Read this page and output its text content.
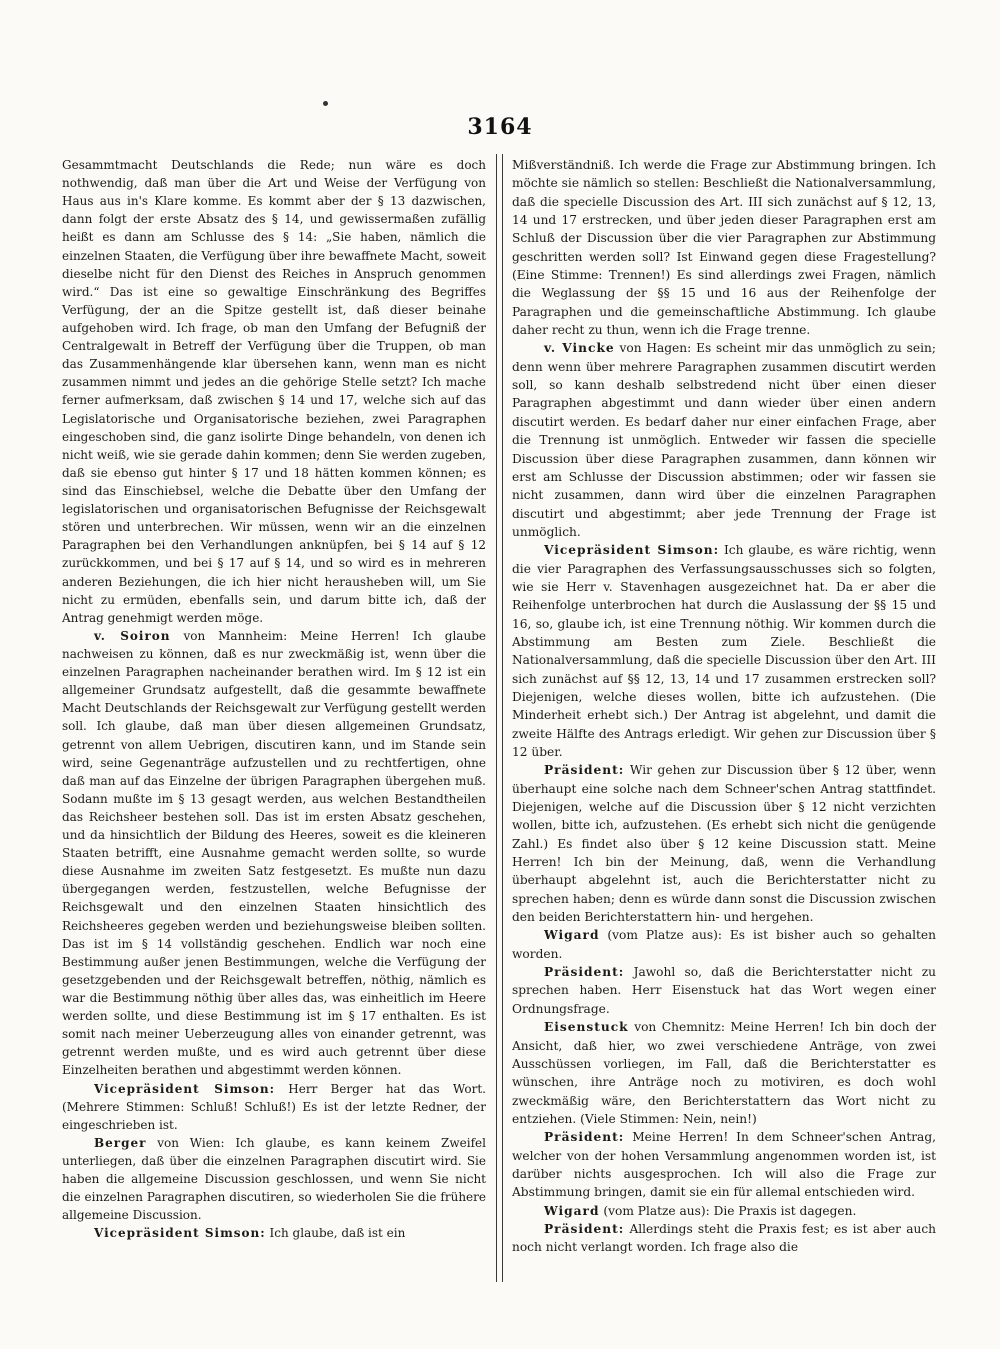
3164

Gesammtmacht Deutschlands die Rede; nun wäre es doch nothwendig, daß man über die Art und Weise der Verfügung von Haus aus in's Klare komme. Es kommt aber der § 13 dazwischen, dann folgt der erste Absatz des § 14, und gewissermaßen zufällig heißt es dann am Schlusse des § 14: „Sie haben, nämlich die einzelnen Staaten, die Verfügung über ihre bewaffnete Macht, soweit dieselbe nicht für den Dienst des Reiches in Anspruch genommen wird.“ Das ist eine so gewaltige Einschränkung des Begriffes Verfügung, der an die Spitze gestellt ist, daß dieser beinahe aufgehoben wird. Ich frage, ob man den Umfang der Befugniß der Centralgewalt in Betreff der Verfügung über die Truppen, ob man das Zusammenhängende klar übersehen kann, wenn man es nicht zusammen nimmt und jedes an die gehörige Stelle setzt? Ich mache ferner aufmerksam, daß zwischen § 14 und 17, welche sich auf das Legislatorische und Organisatorische beziehen, zwei Paragraphen eingeschoben sind, die ganz isolirte Dinge behandeln, von denen ich nicht weiß, wie sie gerade dahin kommen; denn Sie werden zugeben, daß sie ebenso gut hinter § 17 und 18 hätten kommen können; es sind das Einschiebsel, welche die Debatte über den Umfang der legislatorischen und organisatorischen Befugnisse der Reichsgewalt stören und unterbrechen. Wir müssen, wenn wir an die einzelnen Paragraphen bei den Verhandlungen anknüpfen, bei § 14 auf § 12 zurückkommen, und bei § 17 auf § 14, und so wird es in mehreren anderen Beziehungen, die ich hier nicht herausheben will, um Sie nicht zu ermüden, ebenfalls sein, und darum bitte ich, daß der Antrag genehmigt werden möge.

v. Soiron von Mannheim: Meine Herren! Ich glaube nachweisen zu können, daß es nur zweckmäßig ist, wenn über die einzelnen Paragraphen nacheinander berathen wird. Im § 12 ist ein allgemeiner Grundsatz aufgestellt, daß die gesammte bewaffnete Macht Deutschlands der Reichsgewalt zur Verfügung gestellt werden soll. Ich glaube, daß man über diesen allgemeinen Grundsatz, getrennt von allem Uebrigen, discutiren kann, und im Stande sein wird, seine Gegenanträge aufzustellen und zu rechtfertigen, ohne daß man auf das Einzelne der übrigen Paragraphen übergehen muß. Sodann mußte im § 13 gesagt werden, aus welchen Bestandtheilen das Reichsheer bestehen soll. Das ist im ersten Absatz geschehen, und da hinsichtlich der Bildung des Heeres, soweit es die kleineren Staaten betrifft, eine Ausnahme gemacht werden sollte, so wurde diese Ausnahme im zweiten Satz festgesetzt. Es mußte nun dazu übergegangen werden, festzustellen, welche Befugnisse der Reichsgewalt und den einzelnen Staaten hinsichtlich des Reichsheeres gegeben werden und beziehungsweise bleiben sollten. Das ist im § 14 vollständig geschehen. Endlich war noch eine Bestimmung außer jenen Bestimmungen, welche die Verfügung der gesetzgebenden und der Reichsgewalt betreffen, nöthig, nämlich es war die Bestimmung nöthig über alles das, was einheitlich im Heere werden sollte, und diese Bestimmung ist im § 17 enthalten. Es ist somit nach meiner Ueberzeugung alles von einander getrennt, was getrennt werden mußte, und es wird auch getrennt über diese Einzelheiten berathen und abgestimmt werden können.

Vicepräsident Simson: Herr Berger hat das Wort. (Mehrere Stimmen: Schluß! Schluß!) Es ist der letzte Redner, der eingeschrieben ist.

Berger von Wien: Ich glaube, es kann keinem Zweifel unterliegen, daß über die einzelnen Paragraphen discutirt wird. Sie haben die allgemeine Discussion geschlossen, und wenn Sie nicht die einzelnen Paragraphen discutiren, so wiederholen Sie die frühere allgemeine Discussion.

Vicepräsident Simson: Ich glaube, daß ist ein

Mißverständniß. Ich werde die Frage zur Abstimmung bringen. Ich möchte sie nämlich so stellen: Beschließt die Nationalversammlung, daß die specielle Discussion des Art. III sich zunächst auf § 12, 13, 14 und 17 erstrecken, und über jeden dieser Paragraphen erst am Schluß der Discussion über die vier Paragraphen zur Abstimmung geschritten werden soll? Ist Einwand gegen diese Fragestellung? (Eine Stimme: Trennen!) Es sind allerdings zwei Fragen, nämlich die Weglassung der §§ 15 und 16 aus der Reihenfolge der Paragraphen und die gemeinschaftliche Abstimmung. Ich glaube daher recht zu thun, wenn ich die Frage trenne.

v. Vincke von Hagen: Es scheint mir das unmöglich zu sein; denn wenn über mehrere Paragraphen zusammen discutirt werden soll, so kann deshalb selbstredend nicht über einen dieser Paragraphen abgestimmt und dann wieder über einen andern discutirt werden. Es bedarf daher nur einer einfachen Frage, aber die Trennung ist unmöglich. Entweder wir fassen die specielle Discussion über diese Paragraphen zusammen, dann können wir erst am Schlusse der Discussion abstimmen; oder wir fassen sie nicht zusammen, dann wird über die einzelnen Paragraphen discutirt und abgestimmt; aber jede Trennung der Frage ist unmöglich.

Vicepräsident Simson: Ich glaube, es wäre richtig, wenn die vier Paragraphen des Verfassungsausschusses sich so folgten, wie sie Herr v. Stavenhagen ausgezeichnet hat. Da er aber die Reihenfolge unterbrochen hat durch die Auslassung der §§ 15 und 16, so, glaube ich, ist eine Trennung nöthig. Wir kommen durch die Abstimmung am Besten zum Ziele. Beschließt die Nationalversammlung, daß die specielle Discussion über den Art. III sich zunächst auf §§ 12, 13, 14 und 17 zusammen erstrecken soll? Diejenigen, welche dieses wollen, bitte ich aufzustehen. (Die Minderheit erhebt sich.) Der Antrag ist abgelehnt, und damit die zweite Hälfte des Antrags erledigt. Wir gehen zur Discussion über § 12 über.

Präsident: Wir gehen zur Discussion über § 12 über, wenn überhaupt eine solche nach dem Schneer'schen Antrag stattfindet. Diejenigen, welche auf die Discussion über § 12 nicht verzichten wollen, bitte ich, aufzustehen. (Es erhebt sich nicht die genügende Zahl.) Es findet also über § 12 keine Discussion statt. Meine Herren! Ich bin der Meinung, daß, wenn die Verhandlung überhaupt abgelehnt ist, auch die Berichterstatter nicht zu sprechen haben; denn es würde dann sonst die Discussion zwischen den beiden Berichterstattern hin- und hergehen.

Wigard (vom Platze aus): Es ist bisher auch so gehalten worden.

Präsident: Jawohl so, daß die Berichterstatter nicht zu sprechen haben. Herr Eisenstuck hat das Wort wegen einer Ordnungsfrage.

Eisenstuck von Chemnitz: Meine Herren! Ich bin doch der Ansicht, daß hier, wo zwei verschiedene Anträge, von zwei Ausschüssen vorliegen, im Fall, daß die Berichterstatter es wünschen, ihre Anträge noch zu motiviren, es doch wohl zweckmäßig wäre, den Berichterstattern das Wort nicht zu entziehen. (Viele Stimmen: Nein, nein!)

Präsident: Meine Herren! In dem Schneer'schen Antrag, welcher von der hohen Versammlung angenommen worden ist, ist darüber nichts ausgesprochen. Ich will also die Frage zur Abstimmung bringen, damit sie ein für allemal entschieden wird.

Wigard (vom Platze aus): Die Praxis ist dagegen.

Präsident: Allerdings steht die Praxis fest; es ist aber auch noch nicht verlangt worden. Ich frage also die
